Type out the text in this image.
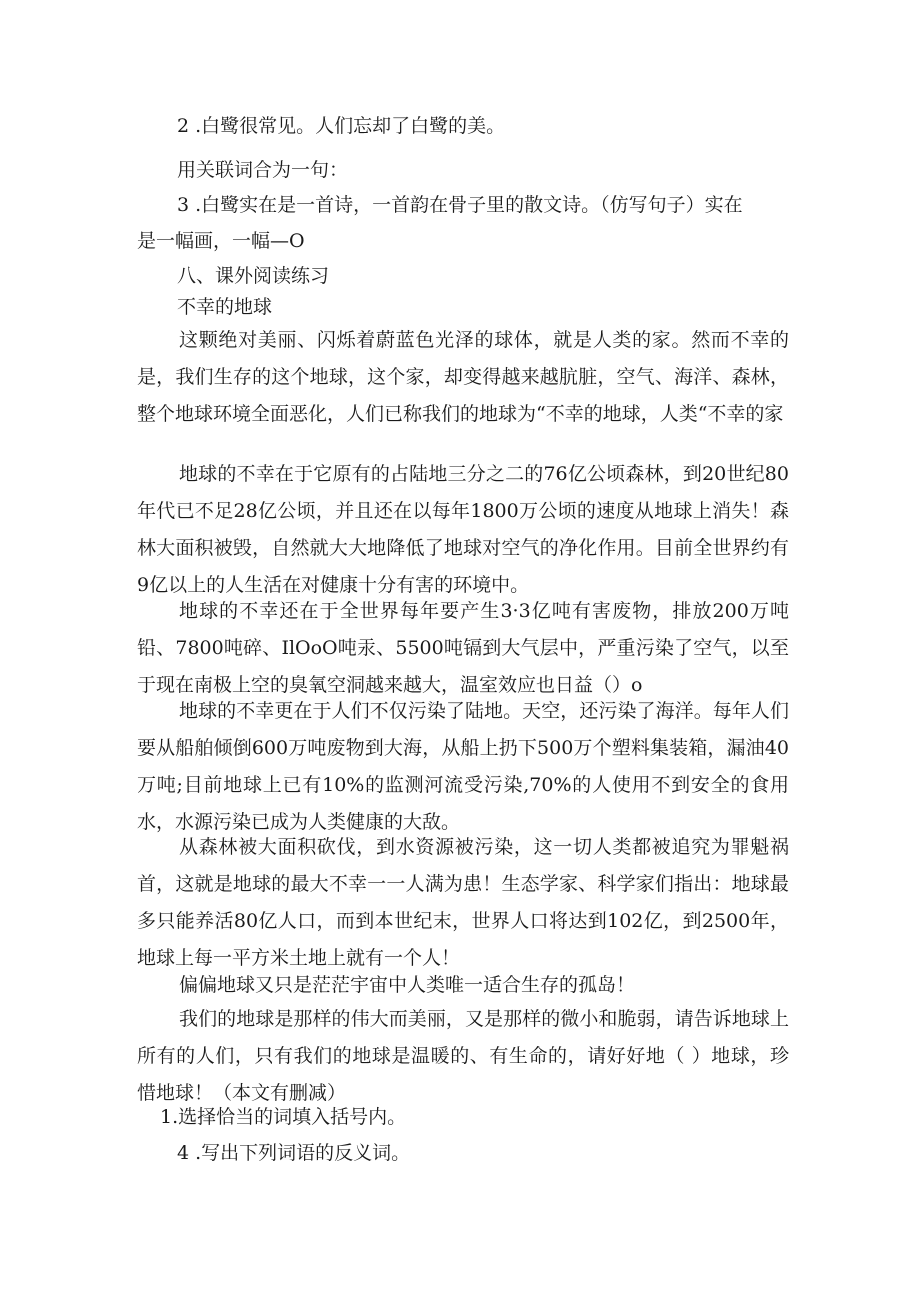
2 .白鹭很常见。人们忘却了白鹭的美。
用关联词合为一句：
3 .白鹭实在是一首诗，一首韵在骨子里的散文诗。（仿写句子）实在
是一幅画，一幅—O
八、课外阅读练习
不幸的地球
这颗绝对美丽、闪烁着蔚蓝色光泽的球体，就是人类的家。然而不幸的是，我们生存的这个地球，这个家，却变得越来越肮脏，空气、海洋、森林，整个地球环境全面恶化，人们已称我们的地球为“不幸的地球，人类“不幸的家
地球的不幸在于它原有的占陆地三分之二的76亿公顷森林，到20世纪80年代已不足28亿公顷，并且还在以每年1800万公顷的速度从地球上消失！森林大面积被毁，自然就大大地降低了地球对空气的净化作用。目前全世界约有9亿以上的人生活在对健康十分有害的环境中。
地球的不幸还在于全世界每年要产生3·3亿吨有害废物，排放200万吨铅、7800吨碎、IlOoO吨汞、5500吨镉到大气层中，严重污染了空气，以至于现在南极上空的臭氧空洞越来越大，温室效应也日益（）o
地球的不幸更在于人们不仅污染了陆地。天空，还污染了海洋。每年人们要从船舶倾倒600万吨废物到大海，从船上扔下500万个塑料集装箱，漏油40万吨;目前地球上已有10%的监测河流受污染,70%的人使用不到安全的食用水，水源污染已成为人类健康的大敌。
从森林被大面积砍伐，到水资源被污染，这一切人类都被追究为罪魁祸首，这就是地球的最大不幸一一人满为患！生态学家、科学家们指出：地球最多只能养活80亿人口，而到本世纪末，世界人口将达到102亿，到2500年，地球上每一平方米土地上就有一个人！
偏偏地球又只是茫茫宇宙中人类唯一适合生存的孤岛！
我们的地球是那样的伟大而美丽，又是那样的微小和脆弱，请告诉地球上所有的人们，只有我们的地球是温暖的、有生命的，请好好地（ ）地球，珍惜地球！（本文有删减）
1.选择恰当的词填入括号内。
4 .写出下列词语的反义词。
